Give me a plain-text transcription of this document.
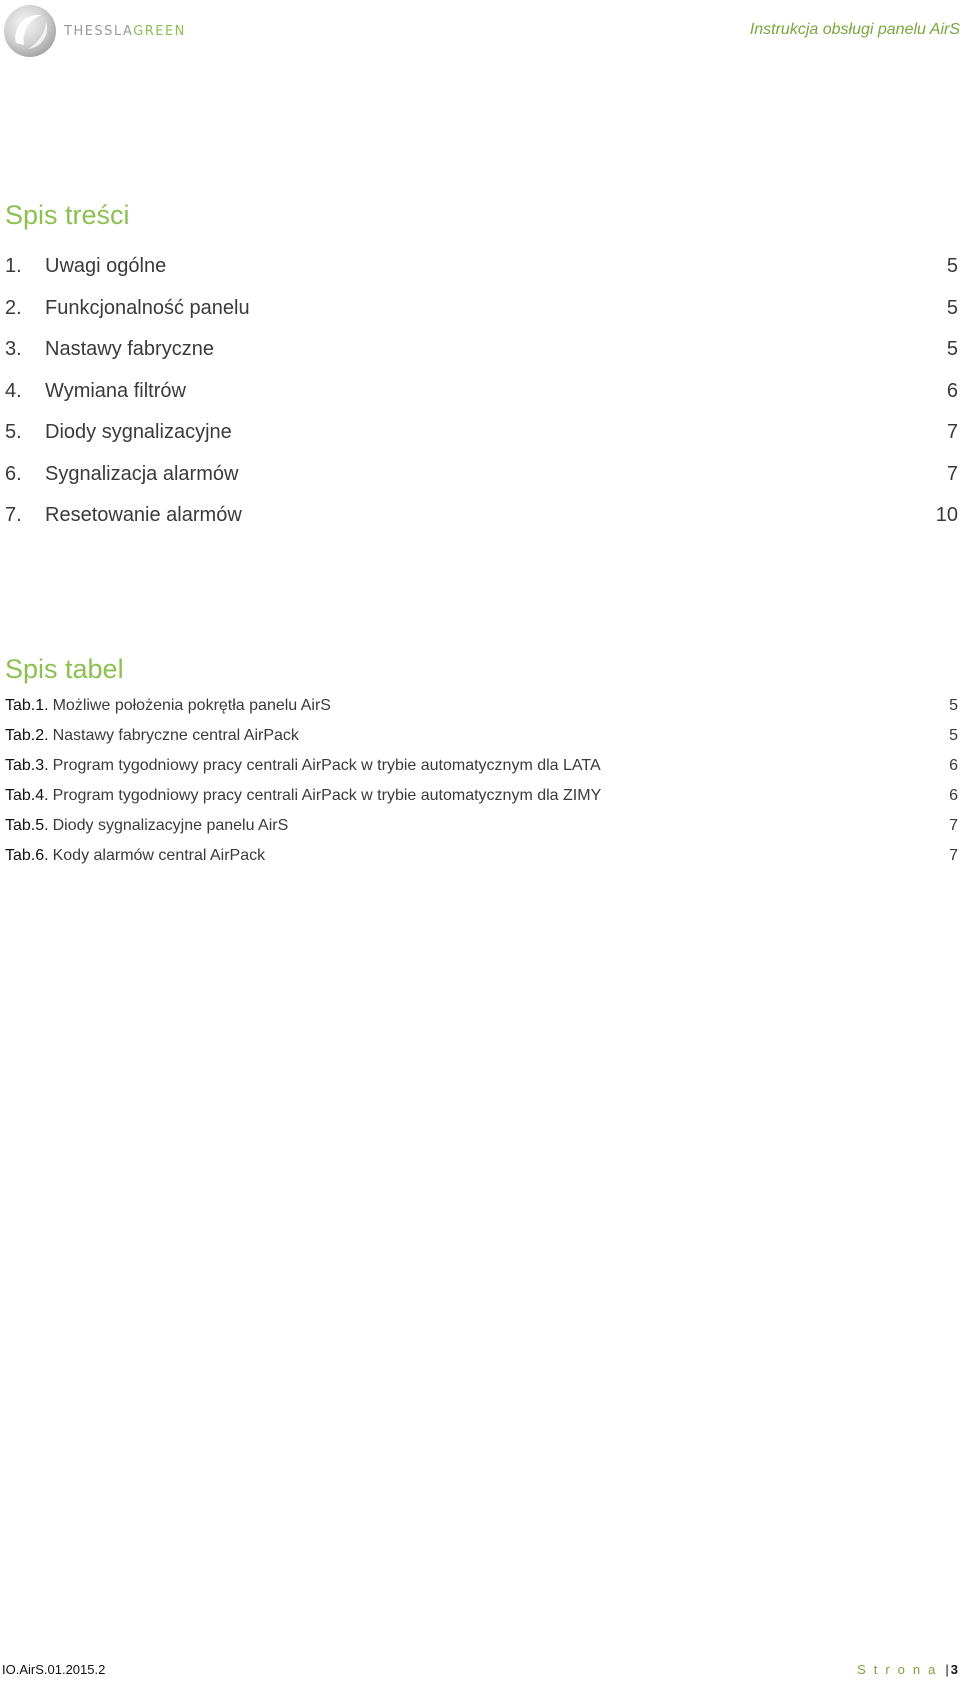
THESSLAGREEN	Instrukcja obsługi panelu AirS
Spis treści
1.	Uwagi ogólne	5
2.	Funkcjonalność panelu	5
3.	Nastawy fabryczne	5
4.	Wymiana filtrów	6
5.	Diody sygnalizacyjne	7
6.	Sygnalizacja alarmów	7
7.	Resetowanie alarmów	10
Spis tabel
Tab.1. Możliwe położenia pokrętła panelu AirS	5
Tab.2. Nastawy fabryczne central AirPack	5
Tab.3. Program tygodniowy pracy centrali AirPack w trybie automatycznym dla LATA	6
Tab.4. Program tygodniowy pracy centrali AirPack w trybie automatycznym dla ZIMY	6
Tab.5. Diody sygnalizacyjne panelu AirS	7
Tab.6. Kody alarmów central AirPack	7
IO.AirS.01.2015.2	Strona | 3
